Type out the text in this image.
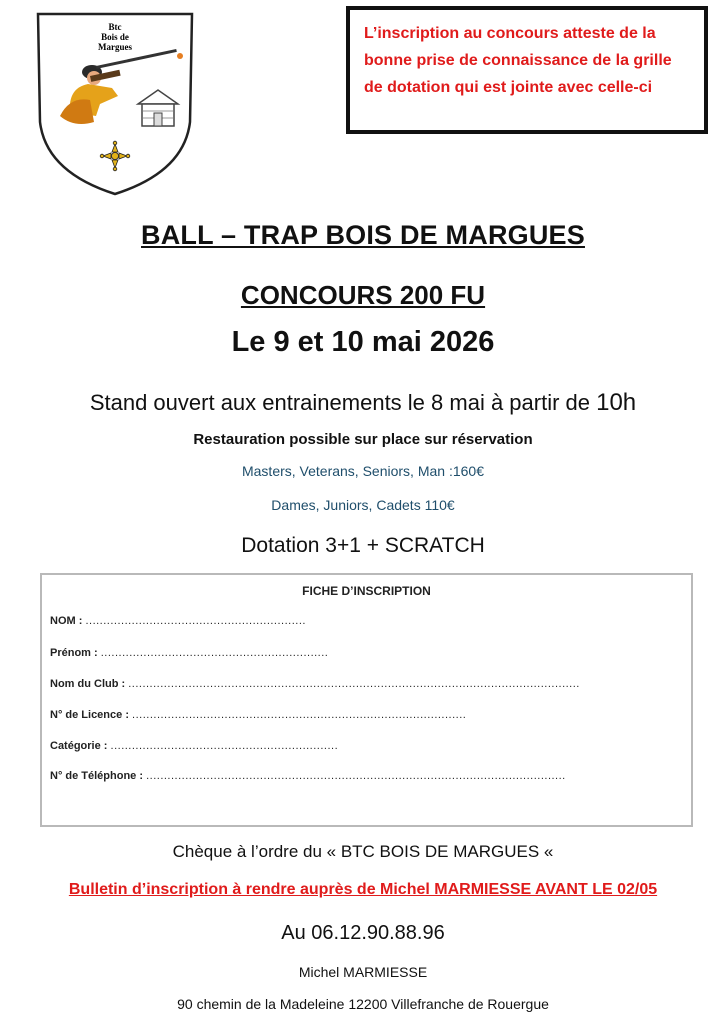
Btc
Bois de
Margues
L’inscription au concours atteste de la bonne prise de connaissance de la grille de dotation qui est jointe avec celle-ci
BALL – TRAP BOIS DE MARGUES
CONCOURS 200 FU
Le 9 et 10 mai 2026
Stand ouvert aux entrainements le 8 mai à partir de 10h
Restauration possible sur place sur réservation
Masters, Veterans, Seniors, Man :160€
Dames, Juniors, Cadets 110€
Dotation 3+1 + SCRATCH
FICHE D’INSCRIPTION
NOM : ..............................................................
Prénom : ................................................................
Nom du Club : ...............................................................................................................................
N° de Licence : ..............................................................................................
Catégorie : ................................................................
N° de Téléphone : ......................................................................................................................
Chèque à l’ordre du « BTC BOIS DE MARGUES «
Bulletin d’inscription à rendre auprès de Michel MARMIESSE AVANT LE 02/05
Au 06.12.90.88.96
Michel MARMIESSE
90 chemin de la Madeleine 12200 Villefranche de Rouergue
